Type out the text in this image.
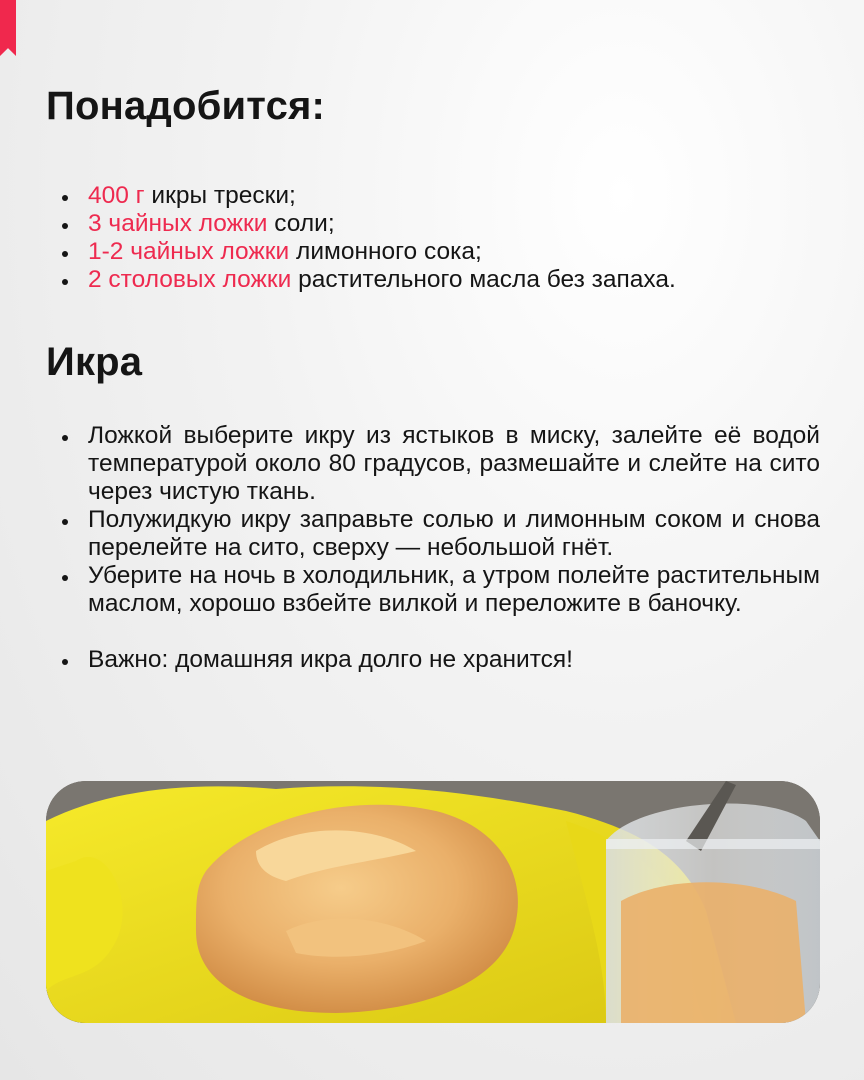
Понадобится:
400 г икры трески;
3 чайных ложки соли;
1-2 чайных ложки лимонного сока;
2 столовых ложки растительного масла без запаха.
Икра
Ложкой выберите икру из ястыков в миску, залейте её водой температурой около 80 градусов, размешайте и слейте на сито через чистую ткань.
Полужидкую икру заправьте солью и лимонным соком и снова перелейте на сито, сверху — небольшой гнёт.
Уберите на ночь в холодильник, а утром полейте растительным маслом, хорошо взбейте вилкой и переложите в баночку.
Важно: домашняя икра долго не хранится!
